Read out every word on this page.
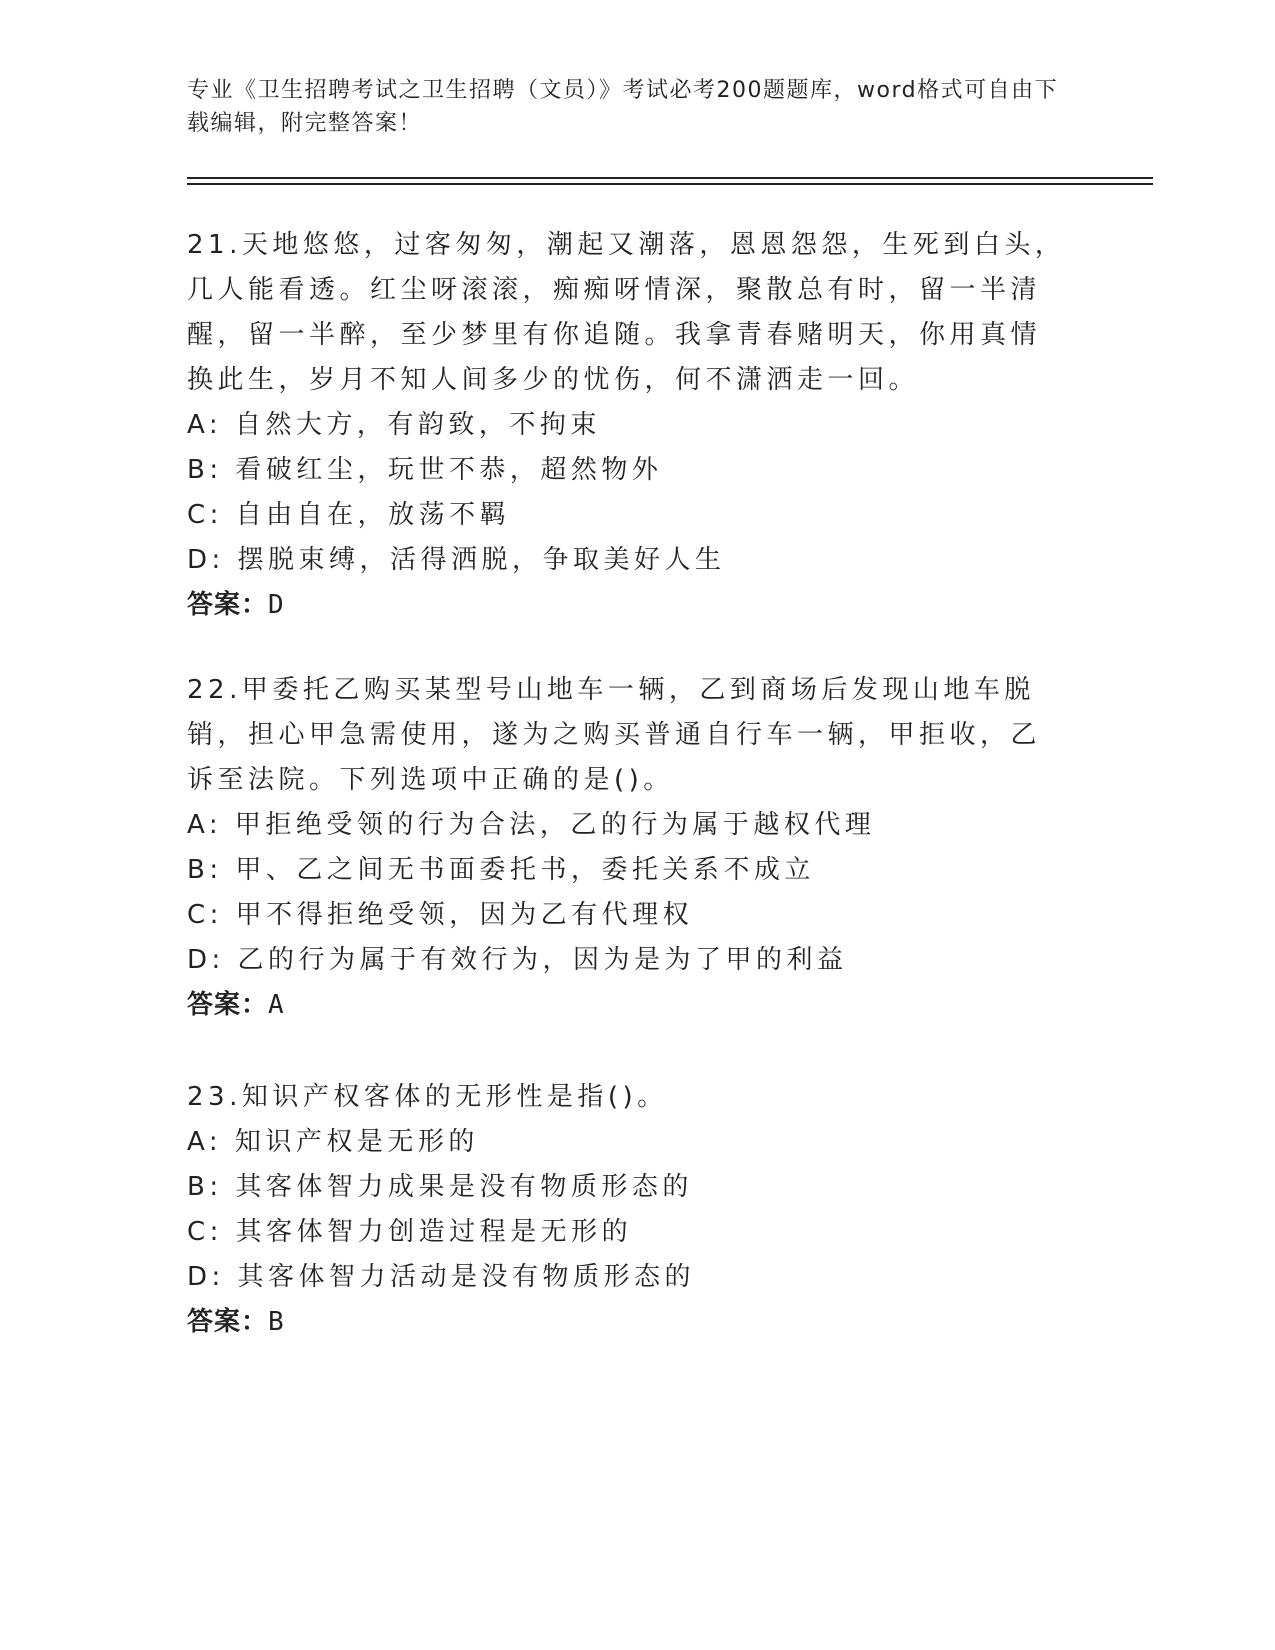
专业《卫生招聘考试之卫生招聘（文员）》考试必考200题题库，word格式可自由下载编辑，附完整答案！
21.天地悠悠，过客匆匆，潮起又潮落，恩恩怨怨，生死到白头，几人能看透。红尘呀滚滚，痴痴呀情深，聚散总有时，留一半清醒，留一半醉，至少梦里有你追随。我拿青春赌明天，你用真情换此生，岁月不知人间多少的忧伤，何不潇洒走一回。
A: 自然大方，有韵致，不拘束
B: 看破红尘，玩世不恭，超然物外
C: 自由自在，放荡不羁
D: 摆脱束缚，活得洒脱，争取美好人生
答案：D
22.甲委托乙购买某型号山地车一辆，乙到商场后发现山地车脱销，担心甲急需使用，遂为之购买普通自行车一辆，甲拒收，乙诉至法院。下列选项中正确的是()。
A: 甲拒绝受领的行为合法，乙的行为属于越权代理
B: 甲、乙之间无书面委托书，委托关系不成立
C: 甲不得拒绝受领，因为乙有代理权
D: 乙的行为属于有效行为，因为是为了甲的利益
答案：A
23.知识产权客体的无形性是指()。
A: 知识产权是无形的
B: 其客体智力成果是没有物质形态的
C: 其客体智力创造过程是无形的
D: 其客体智力活动是没有物质形态的
答案：B
